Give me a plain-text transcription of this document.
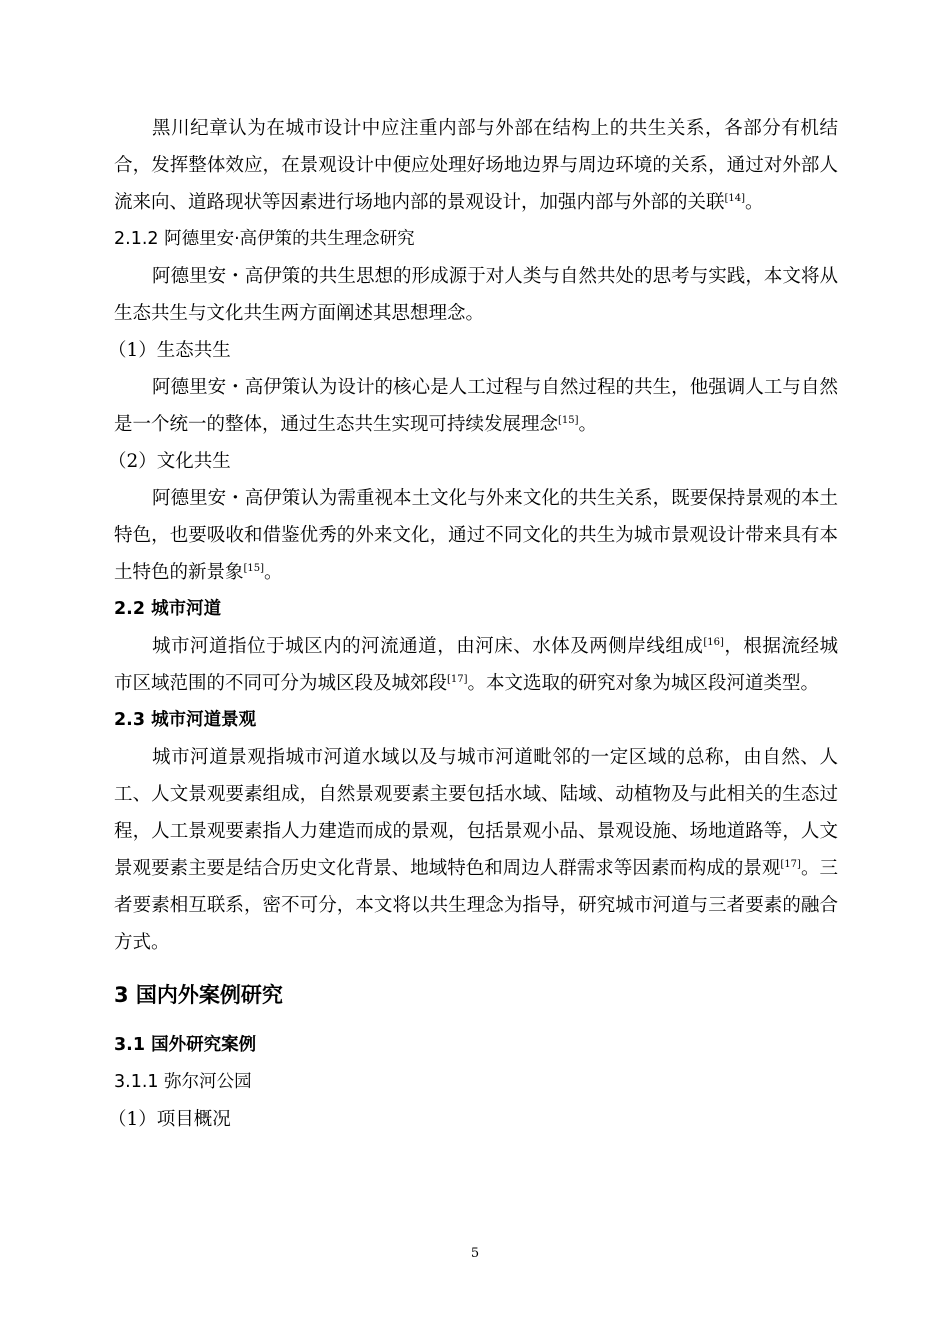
黑川纪章认为在城市设计中应注重内部与外部在结构上的共生关系，各部分有机结合，发挥整体效应，在景观设计中便应处理好场地边界与周边环境的关系，通过对外部人流来向、道路现状等因素进行场地内部的景观设计，加强内部与外部的关联[14]。

2.1.2 阿德里安·高伊策的共生理念研究

阿德里安・高伊策的共生思想的形成源于对人类与自然共处的思考与实践，本文将从生态共生与文化共生两方面阐述其思想理念。

（1）生态共生

阿德里安・高伊策认为设计的核心是人工过程与自然过程的共生，他强调人工与自然是一个统一的整体，通过生态共生实现可持续发展理念[15]。

（2）文化共生

阿德里安・高伊策认为需重视本土文化与外来文化的共生关系，既要保持景观的本土特色，也要吸收和借鉴优秀的外来文化，通过不同文化的共生为城市景观设计带来具有本土特色的新景象[15]。

2.2 城市河道

城市河道指位于城区内的河流通道，由河床、水体及两侧岸线组成[16]，根据流经城市区域范围的不同可分为城区段及城郊段[17]。本文选取的研究对象为城区段河道类型。

2.3 城市河道景观

城市河道景观指城市河道水域以及与城市河道毗邻的一定区域的总称，由自然、人工、人文景观要素组成，自然景观要素主要包括水域、陆域、动植物及与此相关的生态过程，人工景观要素指人力建造而成的景观，包括景观小品、景观设施、场地道路等，人文景观要素主要是结合历史文化背景、地域特色和周边人群需求等因素而构成的景观[17]。三者要素相互联系，密不可分，本文将以共生理念为指导，研究城市河道与三者要素的融合方式。

3 国内外案例研究

3.1 国外研究案例

3.1.1 弥尔河公园

（1）项目概况

5
